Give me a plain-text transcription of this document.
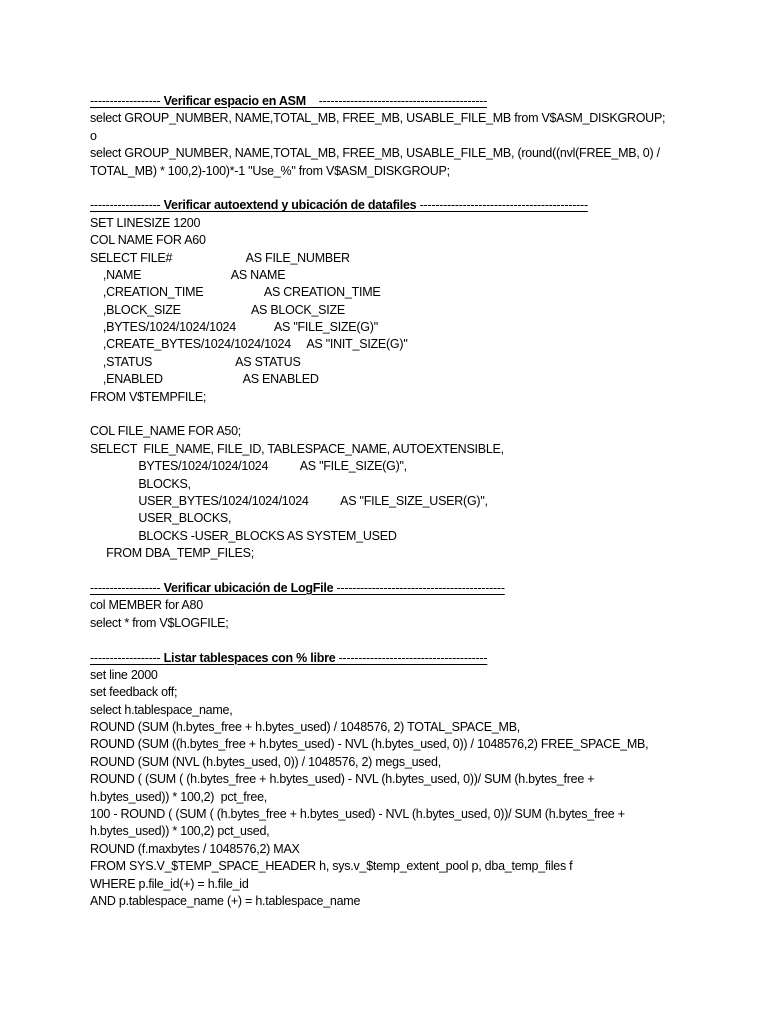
------------------ Verificar espacio en ASM    -------------------------------------------
select GROUP_NUMBER, NAME,TOTAL_MB, FREE_MB, USABLE_FILE_MB from V$ASM_DISKGROUP;
o
select GROUP_NUMBER, NAME,TOTAL_MB, FREE_MB, USABLE_FILE_MB, (round((nvl(FREE_MB, 0) /
TOTAL_MB) * 100,2)-100)*-1 "Use_%" from V$ASM_DISKGROUP;
------------------ Verificar autoextend y ubicación de datafiles -------------------------------------------
SET LINESIZE 1200
COL NAME FOR A60
SELECT FILE#                       AS FILE_NUMBER
,NAME                            AS NAME
,CREATION_TIME                   AS CREATION_TIME
,BLOCK_SIZE                      AS BLOCK_SIZE
,BYTES/1024/1024/1024            AS "FILE_SIZE(G)"
,CREATE_BYTES/1024/1024/1024     AS "INIT_SIZE(G)"
,STATUS                          AS STATUS
,ENABLED                         AS ENABLED
FROM V$TEMPFILE;
COL FILE_NAME FOR A50;
SELECT  FILE_NAME, FILE_ID, TABLESPACE_NAME, AUTOEXTENSIBLE,
BYTES/1024/1024/1024          AS "FILE_SIZE(G)",
BLOCKS,
USER_BYTES/1024/1024/1024          AS "FILE_SIZE_USER(G)",
USER_BLOCKS,
BLOCKS -USER_BLOCKS AS SYSTEM_USED
FROM DBA_TEMP_FILES;
------------------ Verificar ubicación de LogFile -------------------------------------------
col MEMBER for A80
select * from V$LOGFILE;
------------------ Listar tablespaces con % libre --------------------------------------
set line 2000
set feedback off;
select h.tablespace_name,
ROUND (SUM (h.bytes_free + h.bytes_used) / 1048576, 2) TOTAL_SPACE_MB,
ROUND (SUM ((h.bytes_free + h.bytes_used) - NVL (h.bytes_used, 0)) / 1048576,2) FREE_SPACE_MB,
ROUND (SUM (NVL (h.bytes_used, 0)) / 1048576, 2) megs_used,
ROUND ( (SUM ( (h.bytes_free + h.bytes_used) - NVL (h.bytes_used, 0))/ SUM (h.bytes_free +
h.bytes_used)) * 100,2)  pct_free,
100 - ROUND ( (SUM ( (h.bytes_free + h.bytes_used) - NVL (h.bytes_used, 0))/ SUM (h.bytes_free +
h.bytes_used)) * 100,2) pct_used,
ROUND (f.maxbytes / 1048576,2) MAX
FROM SYS.V_$TEMP_SPACE_HEADER h, sys.v_$temp_extent_pool p, dba_temp_files f
WHERE p.file_id(+) = h.file_id
AND p.tablespace_name (+) = h.tablespace_name
